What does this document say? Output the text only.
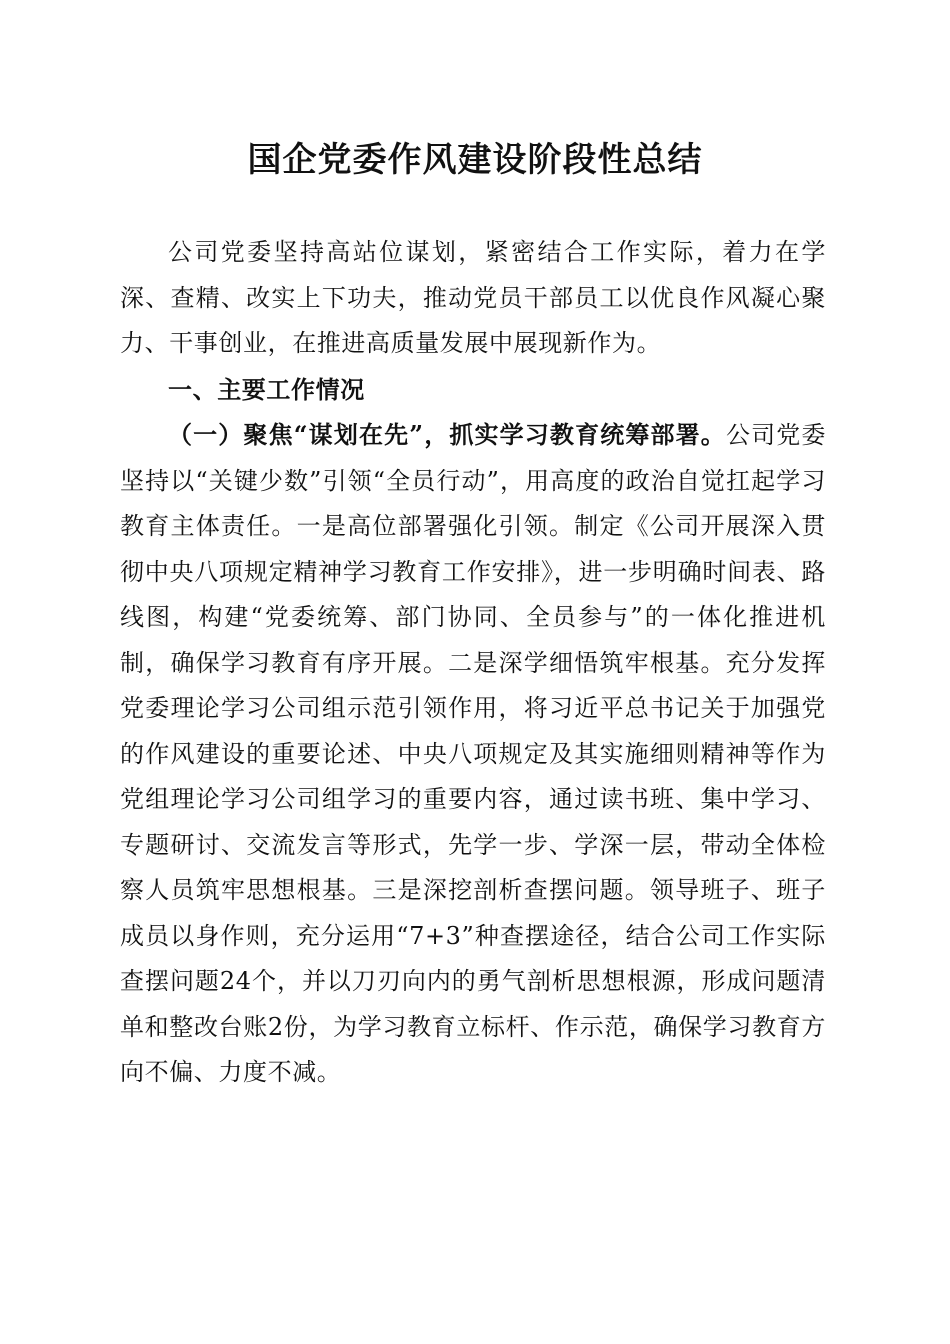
国企党委作风建设阶段性总结

公司党委坚持高站位谋划，紧密结合工作实际，着力在学深、查精、改实上下功夫，推动党员干部员工以优良作风凝心聚力、干事创业，在推进高质量发展中展现新作为。

一、主要工作情况

（一）聚焦“谋划在先”，抓实学习教育统筹部署。公司党委坚持以“关键少数”引领“全员行动”，用高度的政治自觉扛起学习教育主体责任。一是高位部署强化引领。制定《公司开展深入贯彻中央八项规定精神学习教育工作安排》，进一步明确时间表、路线图，构建“党委统筹、部门协同、全员参与”的一体化推进机制，确保学习教育有序开展。二是深学细悟筑牢根基。充分发挥党委理论学习公司组示范引领作用，将习近平总书记关于加强党的作风建设的重要论述、中央八项规定及其实施细则精神等作为党组理论学习公司组学习的重要内容，通过读书班、集中学习、专题研讨、交流发言等形式，先学一步、学深一层，带动全体检察人员筑牢思想根基。三是深挖剖析查摆问题。领导班子、班子成员以身作则，充分运用“7+3”种查摆途径，结合公司工作实际查摆问题24个，并以刀刃向内的勇气剖析思想根源，形成问题清单和整改台账2份，为学习教育立标杆、作示范，确保学习教育方向不偏、力度不减。
